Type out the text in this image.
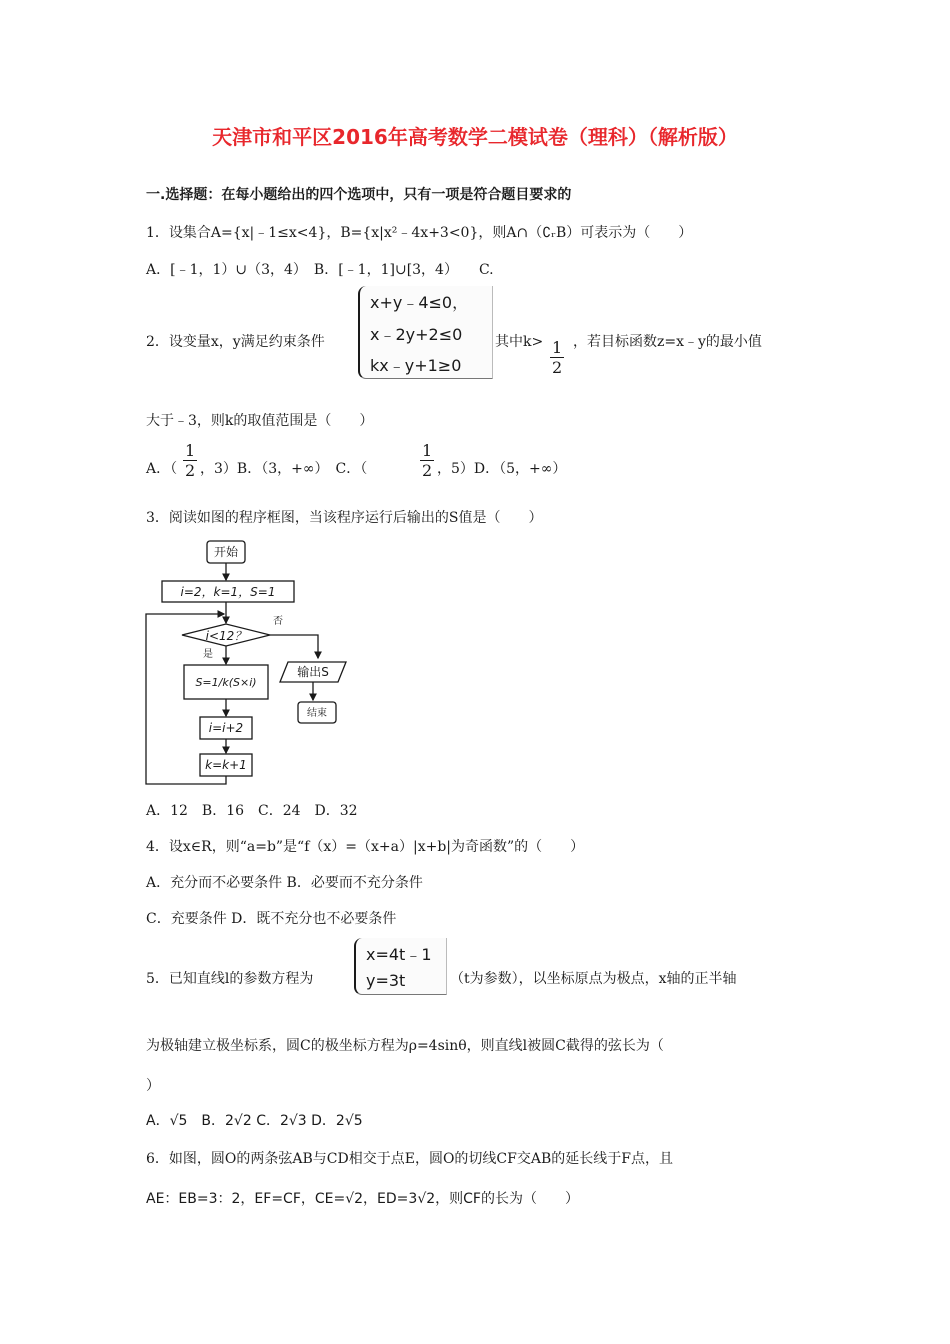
天津市和平区2016年高考数学二模试卷（理科）（解析版）
一.选择题：在每小题给出的四个选项中，只有一项是符合题目要求的
1．设集合A={x|﹣1≤x<4}，B={x|x²﹣4x+3<0}，则A∩（∁ᵣB）可表示为（　　）
A．[﹣1，1）∪（3，4）　B．[﹣1，1]∪[3，4）　　C.
2．设变量x，y满足约束条件
x+y﹣4≤0，
x﹣2y+2≤0
kx﹣y+1≥0
其中$k> \frac{1}{2}$ ，若目标函数z=x﹣y的最小值
大于﹣3，则k的取值范围是（　　）
A．（ $\frac{1}{2}$ ，3）B．（3，+∞）　C．（	$\frac{1}{2}$ ，5）D．（5，+∞）
3．阅读如图的程序框图，当该程序运行后输出的S值是（　　）
开始
i=2，k=1，S=1
i<12？
否
是
S=1/k(S×i)
输出S
结束
i=i+2
k=k+1
A．12　B．16　C．24　D．32
4．设x∈R，则“a=b”是“f（x）=（x+a）|x+b|为奇函数”的（　　）
A．充分而不必要条件 B．必要而不充分条件
C．充要条件 D．既不充分也不必要条件
5．已知直线l的参数方程为
x=4t﹣1
y=3t	（t为参数），以坐标原点为极点，x轴的正半轴
为极轴建立极坐标系，圆C的极坐标方程为ρ=4sinθ，则直线l被圆C截得的弦长为（
）
A．√5　B．2√2 C．2√3 D．2√5
6．如图，圆O的两条弦AB与CD相交于点E，圆O的切线CF交AB的延长线于F点，且
AE：EB=3：2，EF=CF，CE=√2，ED=3√2，则CF的长为（　　）
